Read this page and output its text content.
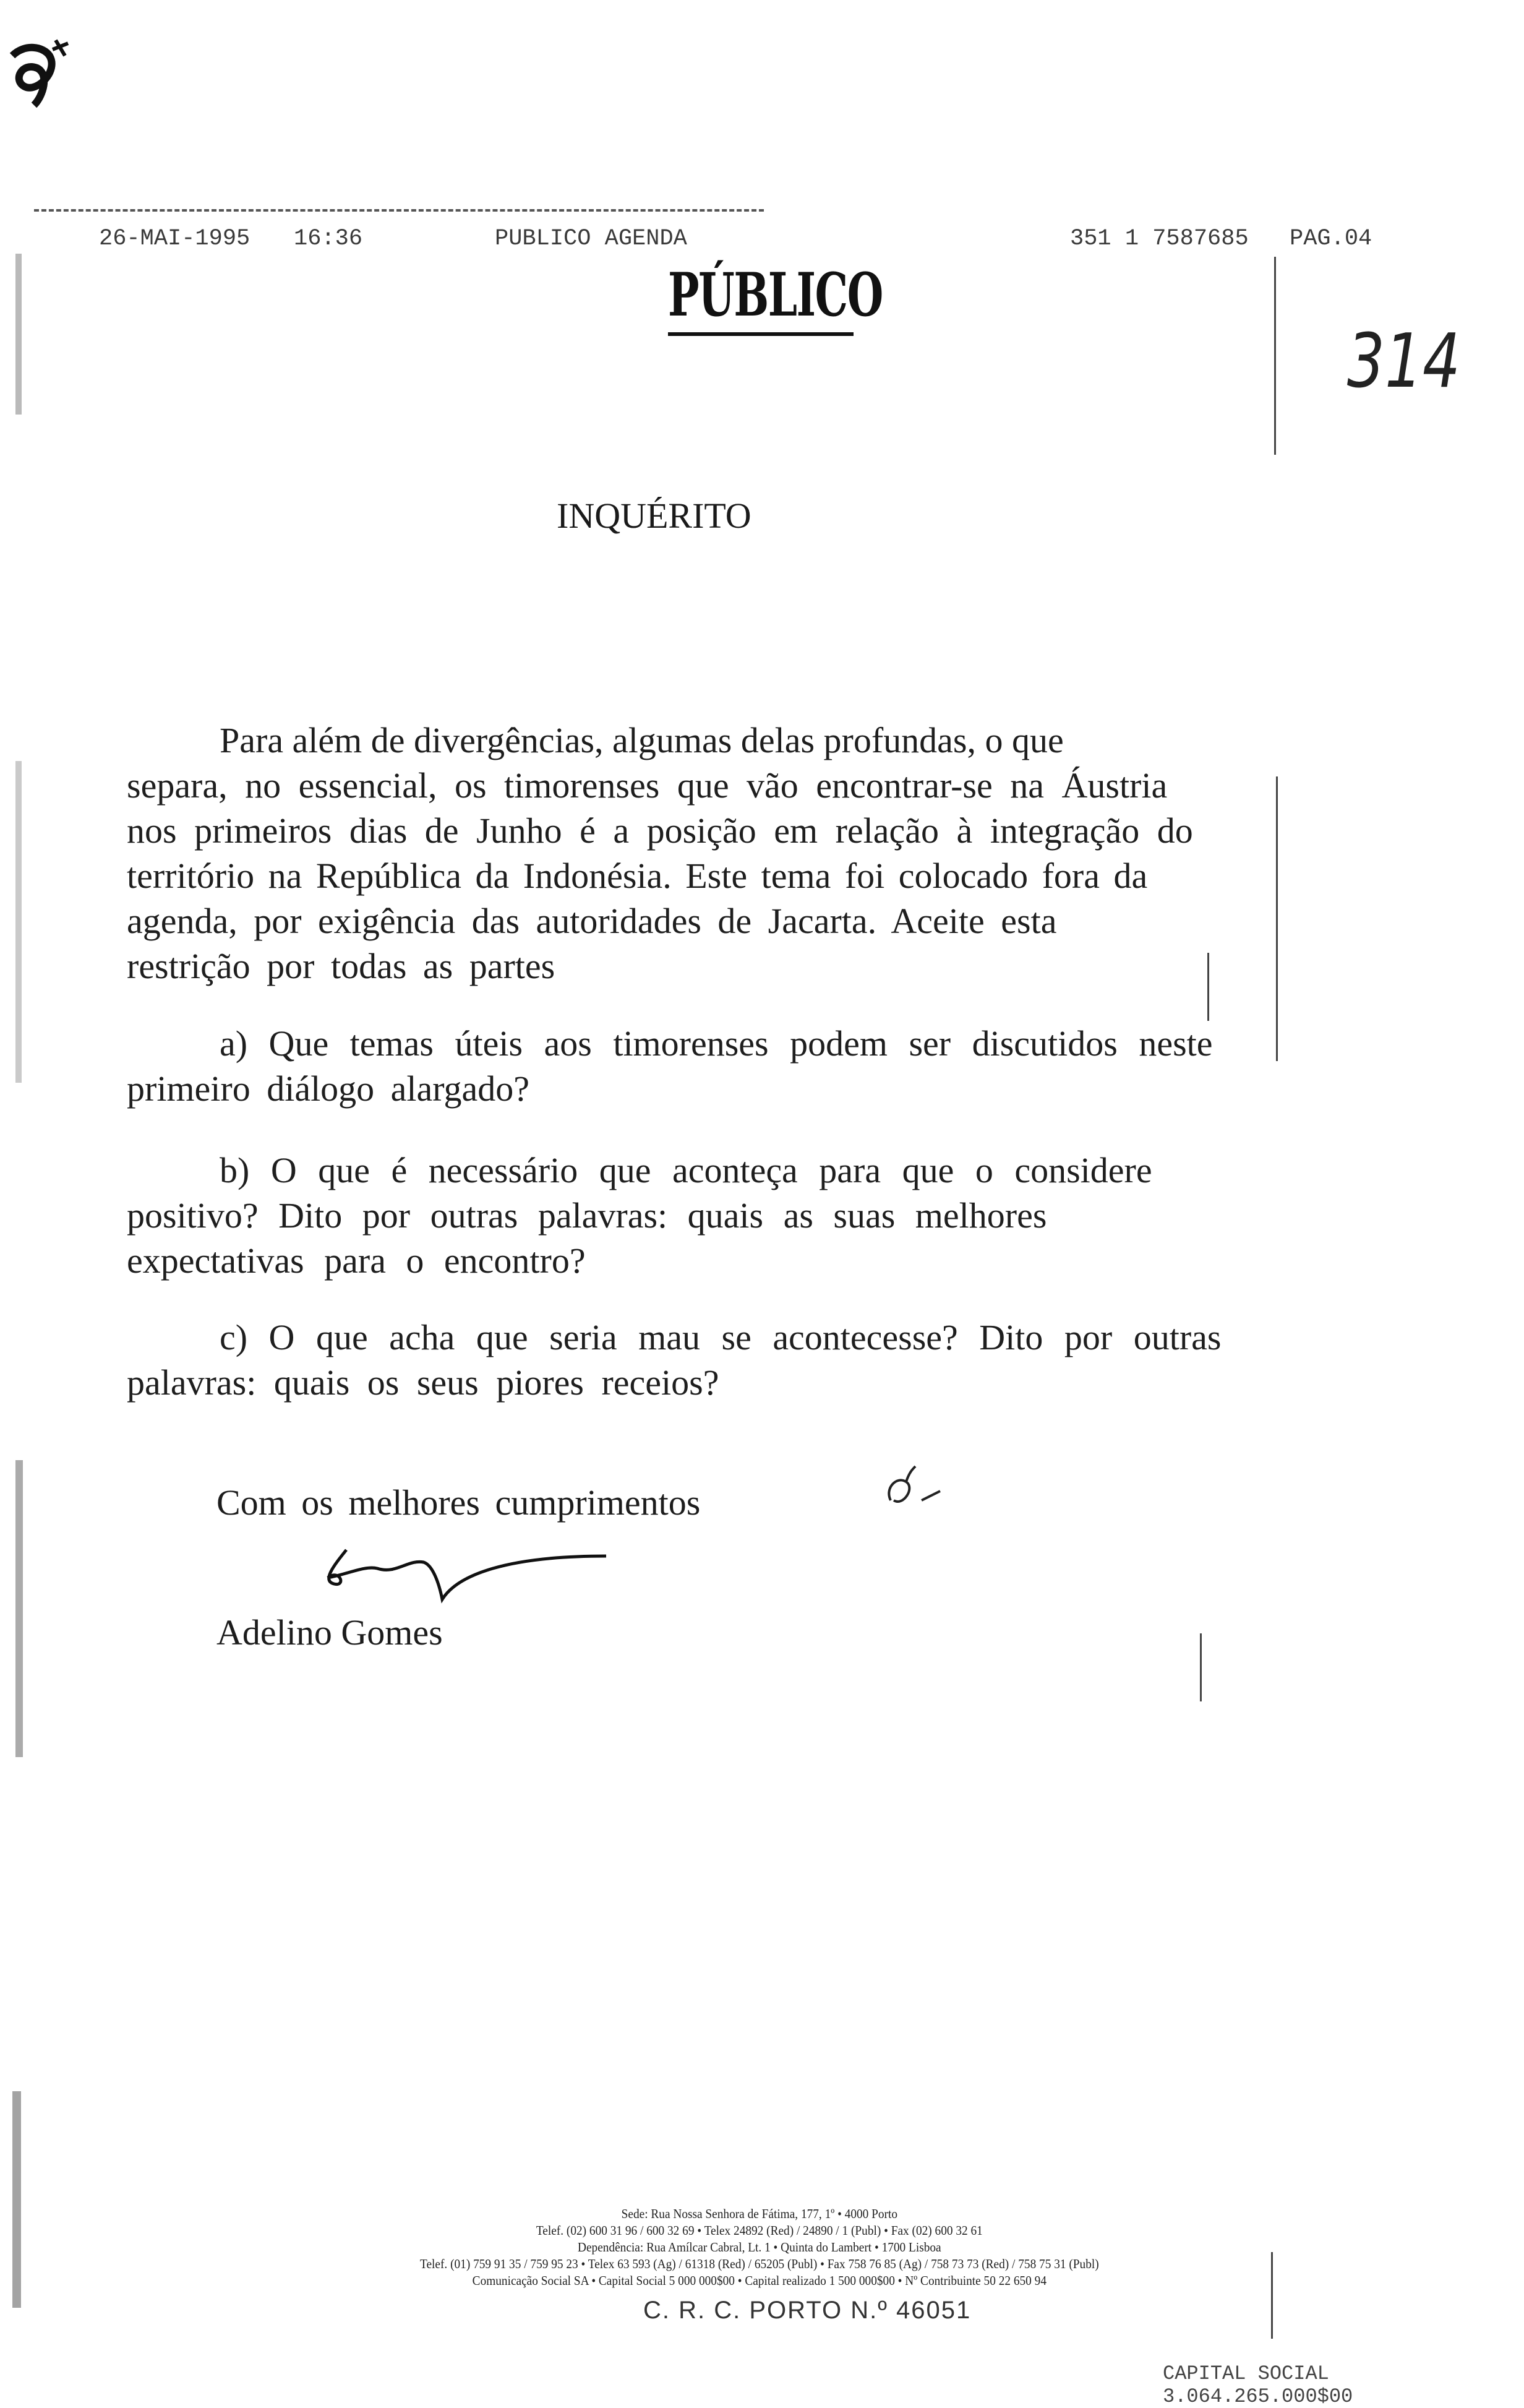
26-MAI-1995 16:36	PUBLICO AGENDA	351 1 7587685 PAG.04
PÚBLICO
314
INQUÉRITO
Para além de divergências, algumas delas profundas, o que
separa, no essencial, os timorenses que vão encontrar-se na Áustria
nos primeiros dias de Junho é a posição em relação à integração do
território na República da Indonésia. Este tema foi colocado fora da
agenda, por exigência das autoridades de Jacarta. Aceite esta
restrição por todas as partes
a) Que temas úteis aos timorenses podem ser discutidos neste
primeiro diálogo alargado?
b) O que é necessário que aconteça para que o considere
positivo? Dito por outras palavras: quais as suas melhores
expectativas para o encontro?
c) O que acha que seria mau se acontecesse? Dito por outras
palavras: quais os seus piores receios?
Com os melhores cumprimentos
Adelino Gomes
Sede: Rua Nossa Senhora de Fátima, 177, 1º • 4000 Porto
Telef. (02) 600 31 96 / 600 32 69 • Telex 24892 (Red) / 24890 / 1 (Publ) • Fax (02) 600 32 61
Dependência: Rua Amílcar Cabral, Lt. 1 • Quinta do Lambert • 1700 Lisboa
Telef. (01) 759 91 35 / 759 95 23 • Telex 63 593 (Ag) / 61318 (Red) / 65205 (Publ) • Fax 758 76 85 (Ag) / 758 73 73 (Red) / 758 75 31 (Publ)
Comunicação Social SA • Capital Social 5 000 000$00 • Capital realizado 1 500 000$00 • Nº Contribuinte 50 22 650 94
C. R. C. PORTO N.º 46051
CAPITAL SOCIAL 3.064.265.000$00
